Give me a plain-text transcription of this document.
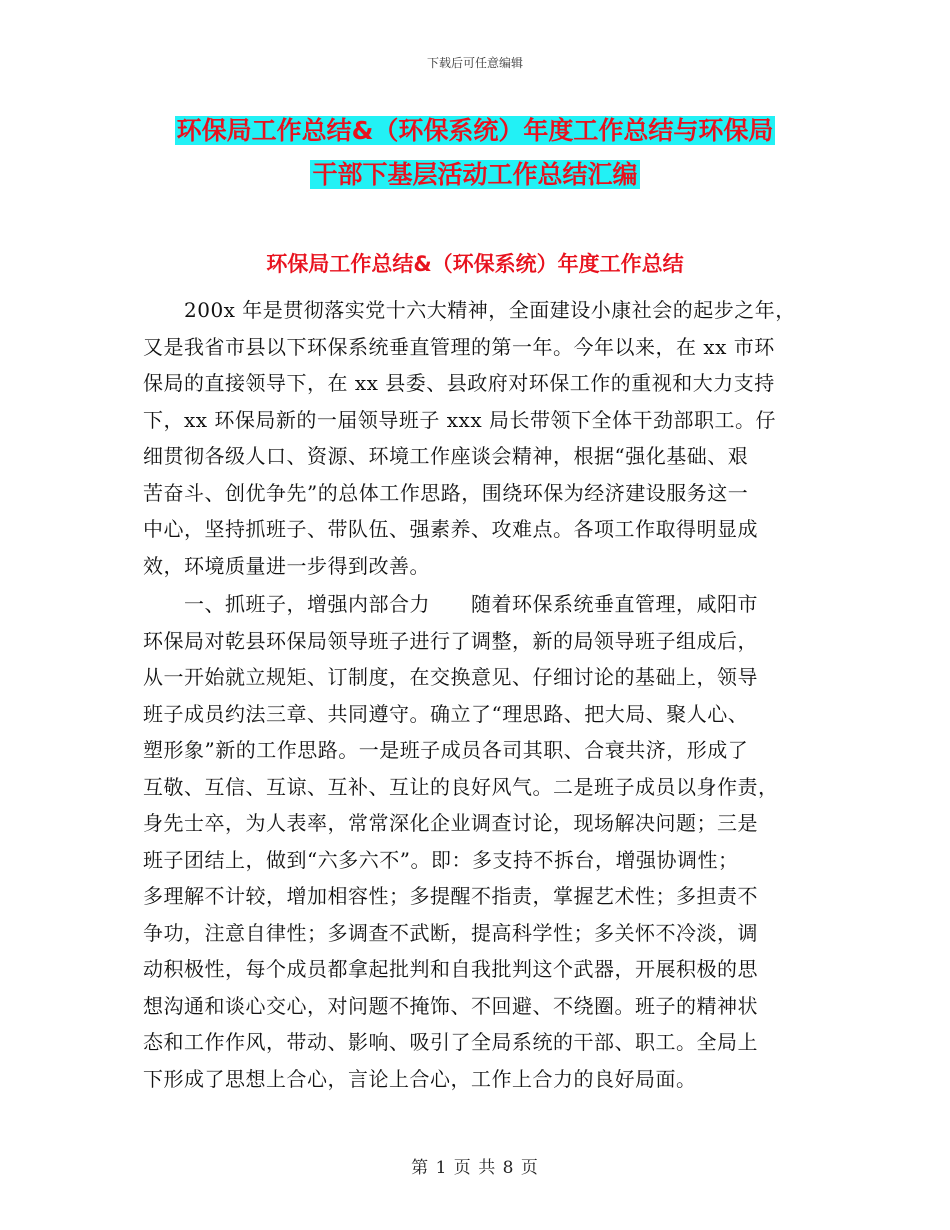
下载后可任意编辑
环保局工作总结&（环保系统）年度工作总结与环保局
干部下基层活动工作总结汇编
环保局工作总结&（环保系统）年度工作总结
　　200x 年是贯彻落实党十六大精神，全面建设小康社会的起步之年，
又是我省市县以下环保系统垂直管理的第一年。今年以来，在 xx 市环
保局的直接领导下，在 xx 县委、县政府对环保工作的重视和大力支持
下，xx 环保局新的一届领导班子 xxx 局长带领下全体干劲部职工。仔
细贯彻各级人口、资源、环境工作座谈会精神，根据“强化基础、艰
苦奋斗、创优争先”的总体工作思路，围绕环保为经济建设服务这一
中心，坚持抓班子、带队伍、强素养、攻难点。各项工作取得明显成
效，环境质量进一步得到改善。
　　一、抓班子，增强内部合力　　随着环保系统垂直管理，咸阳市
环保局对乾县环保局领导班子进行了调整，新的局领导班子组成后，
从一开始就立规矩、订制度，在交换意见、仔细讨论的基础上，领导
班子成员约法三章、共同遵守。确立了“理思路、把大局、聚人心、
塑形象”新的工作思路。一是班子成员各司其职、合衰共济，形成了
互敬、互信、互谅、互补、互让的良好风气。二是班子成员以身作责，
身先士卒，为人表率，常常深化企业调查讨论，现场解决问题；三是
班子团结上，做到“六多六不”。即：多支持不拆台，增强协调性；
多理解不计较，增加相容性；多提醒不指责，掌握艺术性；多担责不
争功，注意自律性；多调查不武断，提高科学性；多关怀不冷淡，调
动积极性，每个成员都拿起批判和自我批判这个武器，开展积极的思
想沟通和谈心交心，对问题不掩饰、不回避、不绕圈。班子的精神状
态和工作作风，带动、影响、吸引了全局系统的干部、职工。全局上
下形成了思想上合心，言论上合心，工作上合力的良好局面。
第 1 页 共 8 页
